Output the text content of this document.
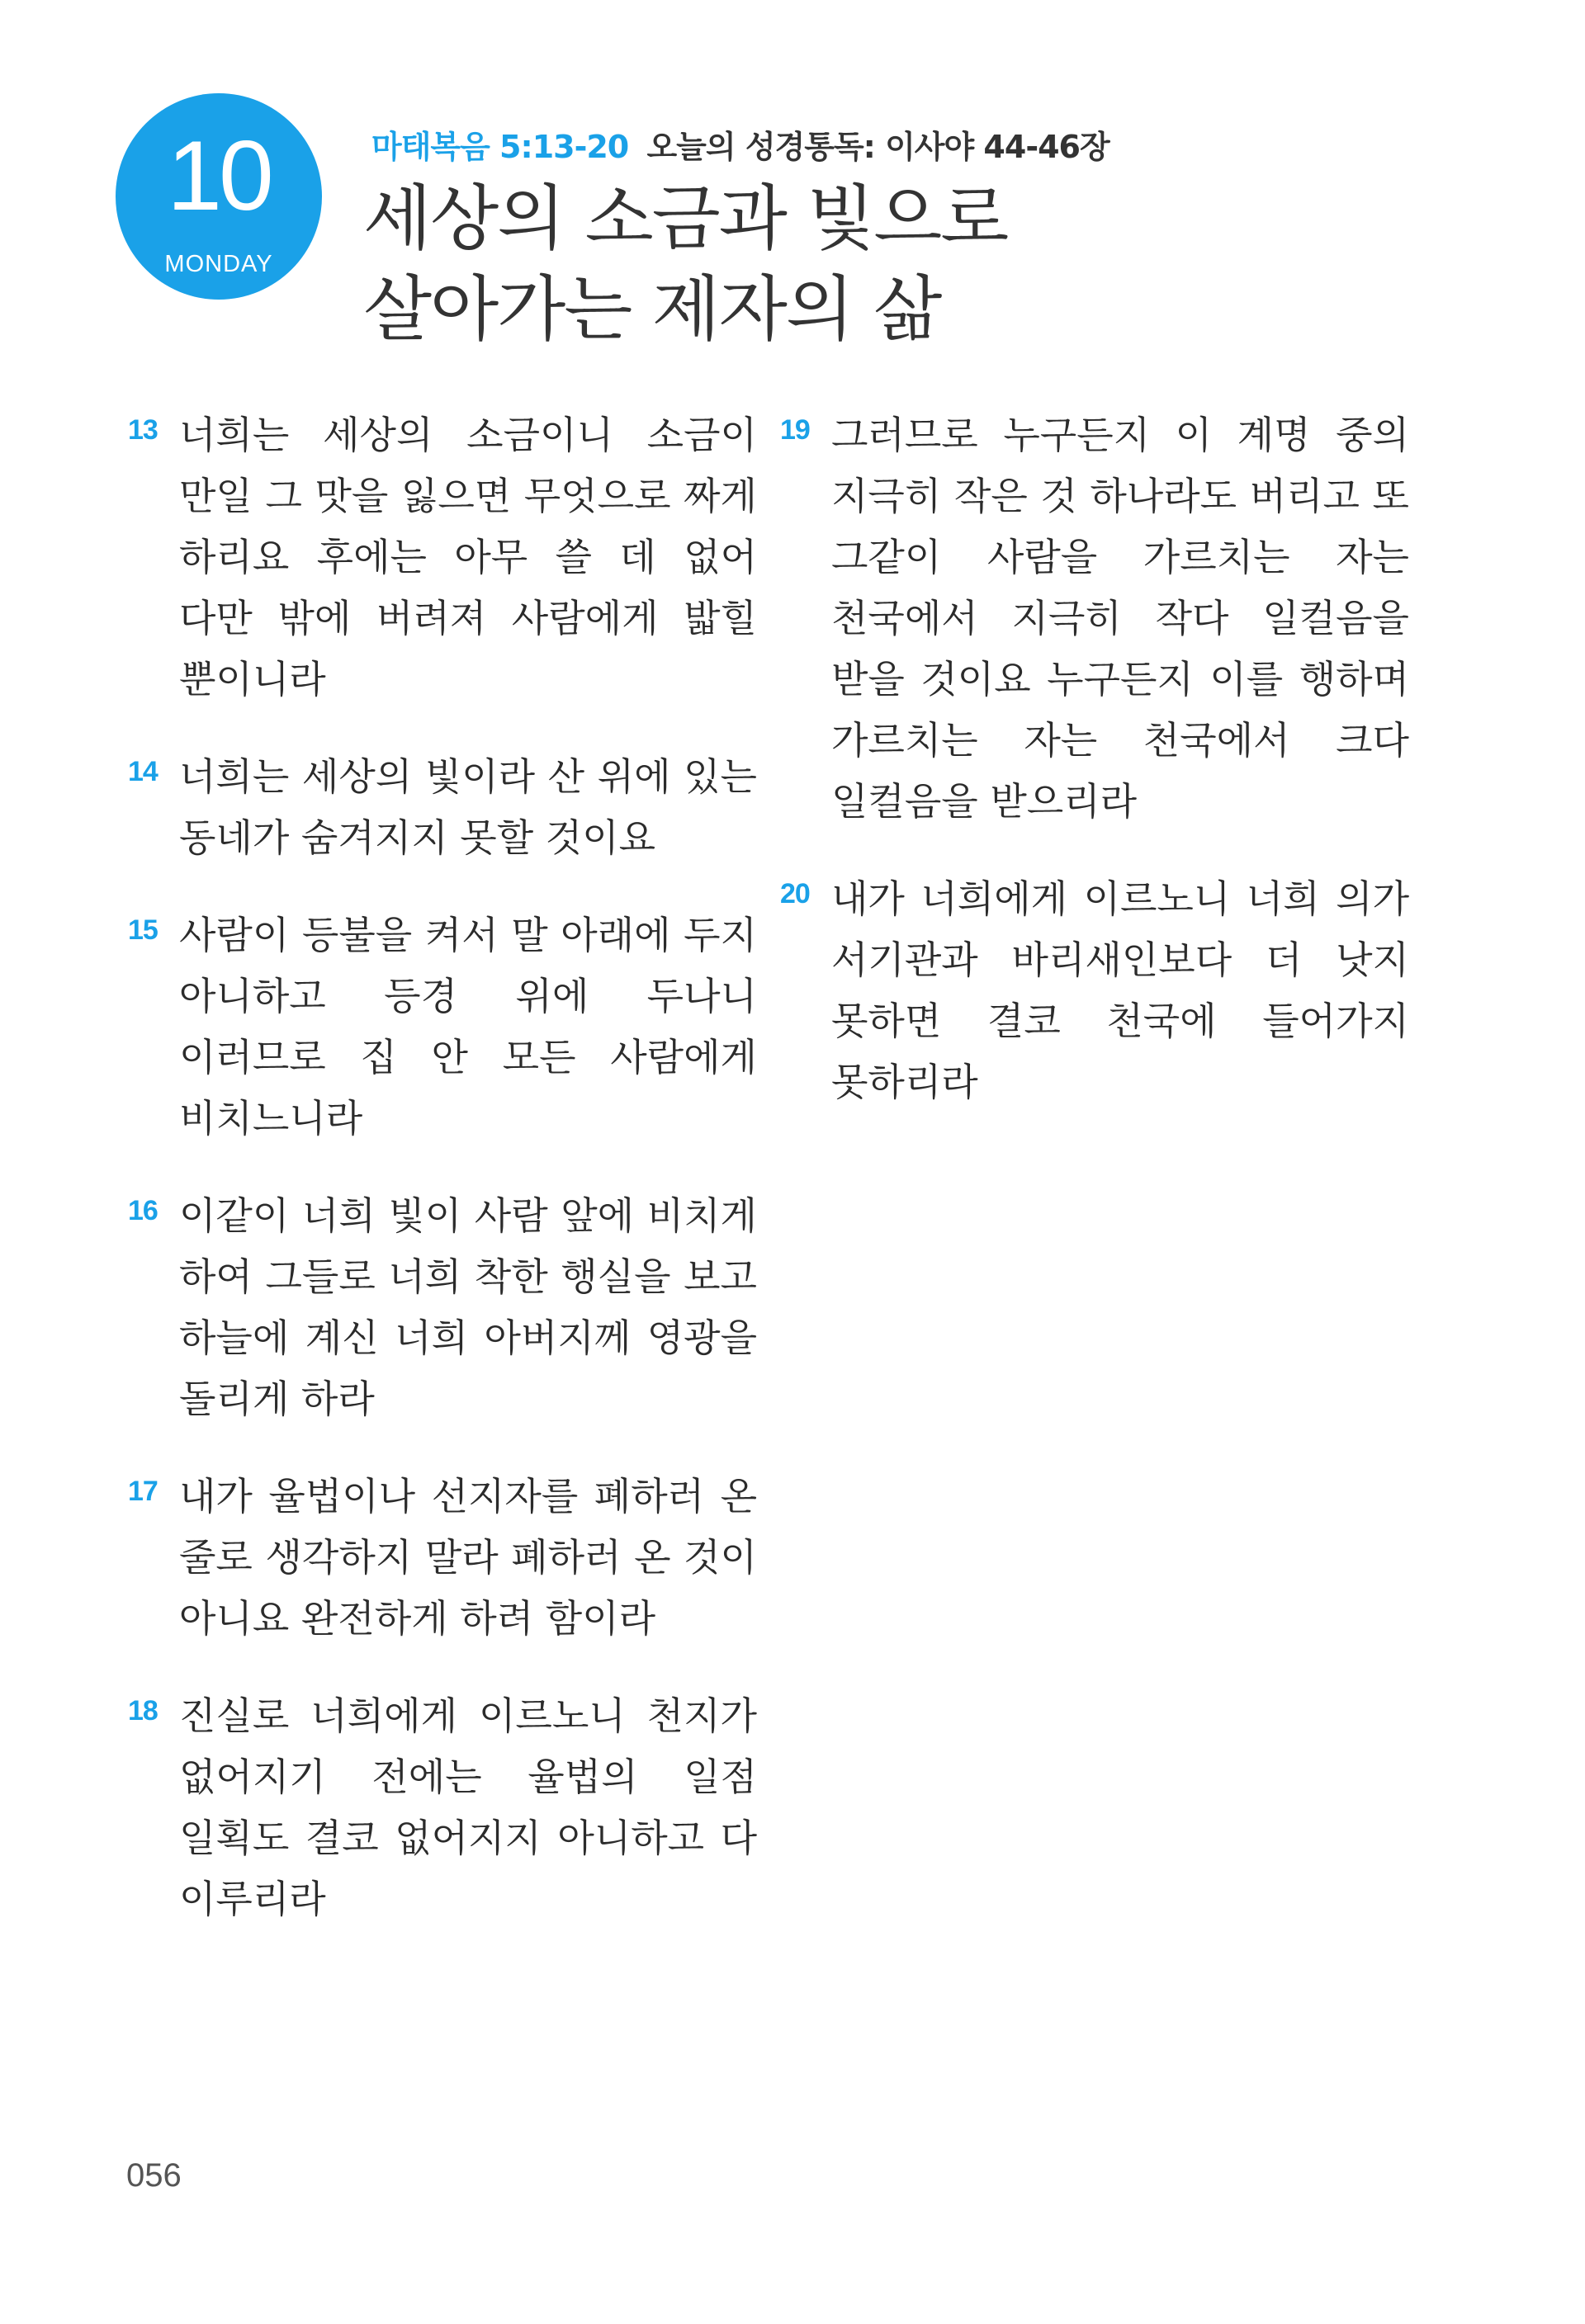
10
MONDAY
마태복음 5:13-20 오늘의 성경통독: 이사야 44-46장
세상의 소금과 빛으로
살아가는 제자의 삶
13 너희는 세상의 소금이니 소금이 만일 그 맛을 잃으면 무엇으로 짜게 하리요 후에는 아무 쓸 데 없어 다만 밖에 버려져 사람에게 밟힐 뿐이니라
14 너희는 세상의 빛이라 산 위에 있는 동네가 숨겨지지 못할 것이요
15 사람이 등불을 켜서 말 아래에 두지 아니하고 등경 위에 두나니 이러므로 집 안 모든 사람에게 비치느니라
16 이같이 너희 빛이 사람 앞에 비치게 하여 그들로 너희 착한 행실을 보고 하늘에 계신 너희 아버지께 영광을 돌리게 하라
17 내가 율법이나 선지자를 폐하러 온 줄로 생각하지 말라 폐하러 온 것이 아니요 완전하게 하려 함이라
18 진실로 너희에게 이르노니 천지가 없어지기 전에는 율법의 일점 일획도 결코 없어지지 아니하고 다 이루리라
19 그러므로 누구든지 이 계명 중의 지극히 작은 것 하나라도 버리고 또 그같이 사람을 가르치는 자는 천국에서 지극히 작다 일컬음을 받을 것이요 누구든지 이를 행하며 가르치는 자는 천국에서 크다 일컬음을 받으리라
20 내가 너희에게 이르노니 너희 의가 서기관과 바리새인보다 더 낫지 못하면 결코 천국에 들어가지 못하리라
056
